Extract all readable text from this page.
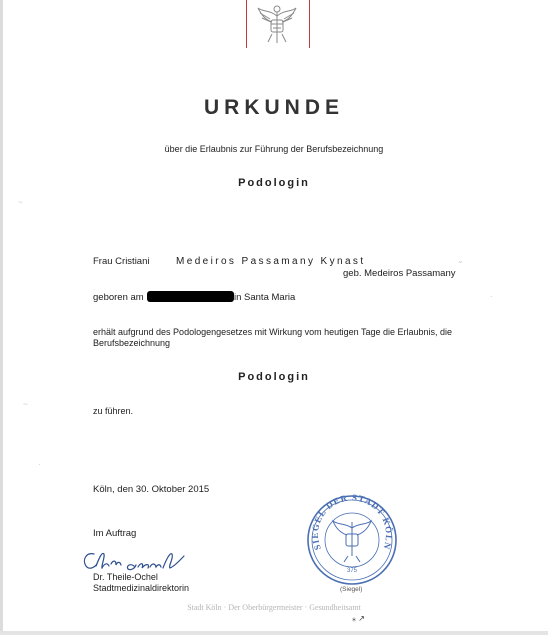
URKUNDE
über die Erlaubnis zur Führung der Berufsbezeichnung
Podologin
Frau Cristiani	Medeiros Passamany Kynast
geb. Medeiros Passamany
geboren am	in Santa Maria
erhält aufgrund des Podologengesetzes mit Wirkung vom heutigen Tage die Erlaubnis, die
Berufsbezeichnung
Podologin
zu führen.
Köln, den 30. Oktober 2015
Im Auftrag
Dr. Theile-Ochel
Stadtmedizinaldirektorin
SIEGEL DER STADT KÖLN
375
(Siegel)
Stadt Köln · Der Oberbürgermeister · Gesundheitsamt
⁎ ↗
~
~
·
⌄
·
